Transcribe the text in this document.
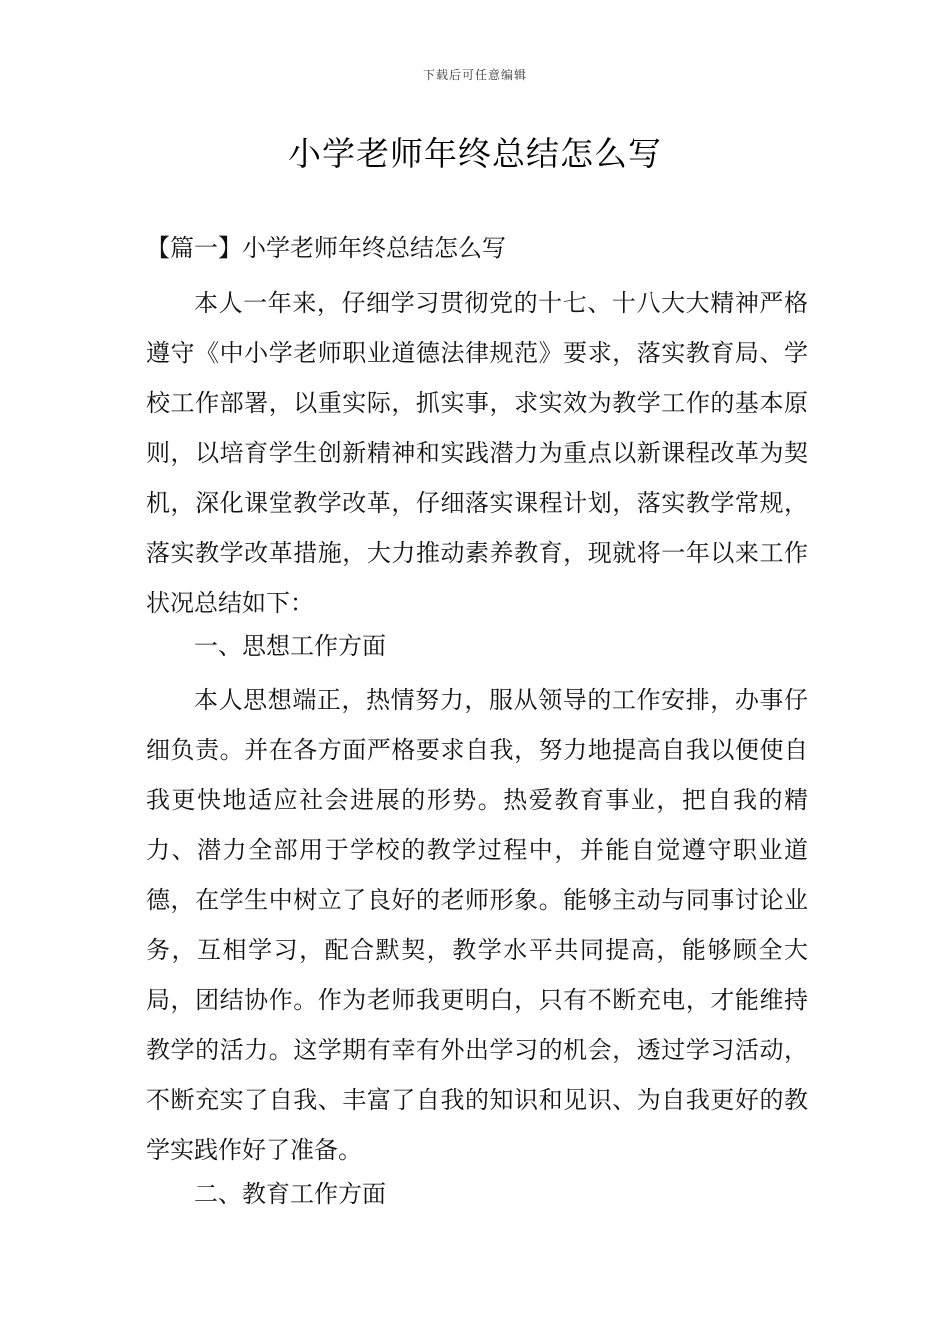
下载后可任意编辑
小学老师年终总结怎么写
【篇一】小学老师年终总结怎么写

本人一年来，仔细学习贯彻党的十七、十八大大精神严格遵守《中小学老师职业道德法律规范》要求，落实教育局、学校工作部署，以重实际，抓实事，求实效为教学工作的基本原则，以培育学生创新精神和实践潜力为重点以新课程改革为契机，深化课堂教学改革，仔细落实课程计划，落实教学常规，落实教学改革措施，大力推动素养教育，现就将一年以来工作状况总结如下：

一、思想工作方面

本人思想端正，热情努力，服从领导的工作安排，办事仔细负责。并在各方面严格要求自我，努力地提高自我以便使自我更快地适应社会进展的形势。热爱教育事业，把自我的精力、潜力全部用于学校的教学过程中，并能自觉遵守职业道德，在学生中树立了良好的老师形象。能够主动与同事讨论业务，互相学习，配合默契，教学水平共同提高，能够顾全大局，团结协作。作为老师我更明白，只有不断充电，才能维持教学的活力。这学期有幸有外出学习的机会，透过学习活动，不断充实了自我、丰富了自我的知识和见识、为自我更好的教学实践作好了准备。

二、教育工作方面
